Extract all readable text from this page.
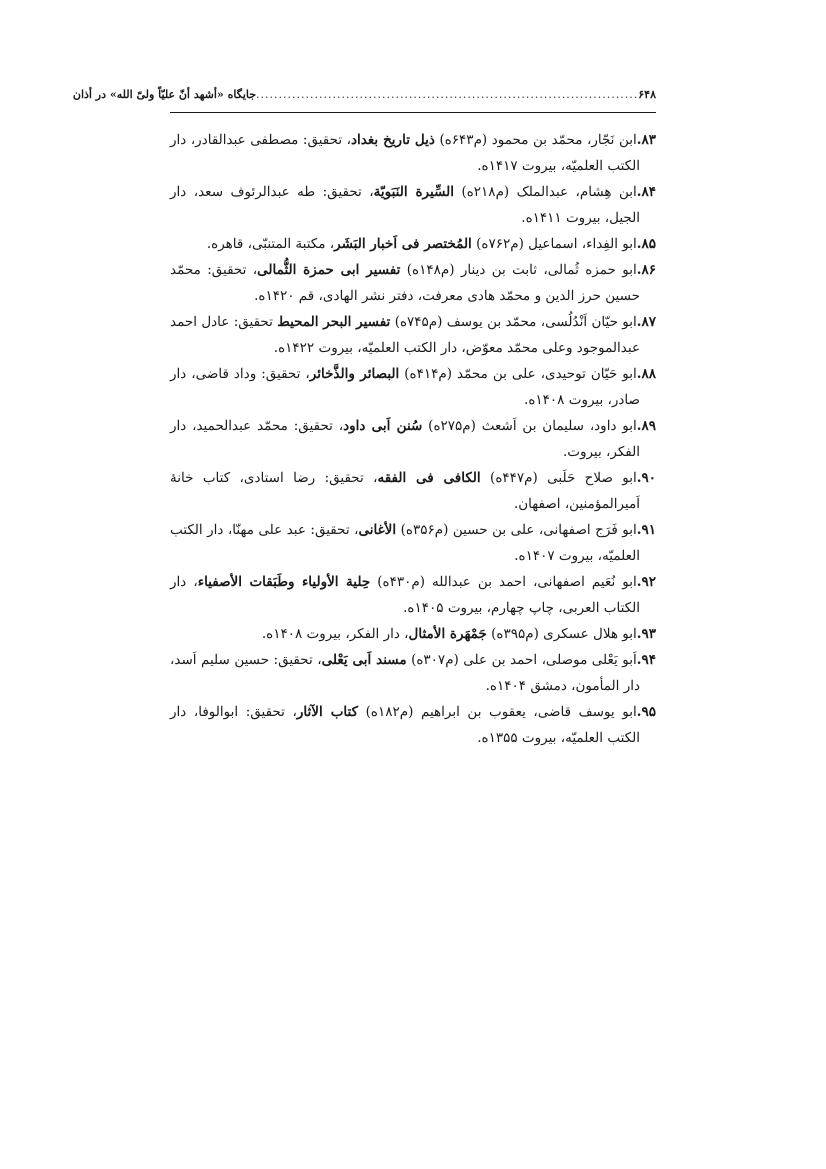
۶۴۸
.....................................................................................
جایگاه «أشهد أنّ علیّاً ولیّ الله» در أذان
۸۳.ابن نَجّار، محمّد بن محمود (م۶۴۳ه) ذیل تاریخ بغداد، تحقیق: مصطفی عبدالقادر، دار الکتب العلمیّه، بیروت ۱۴۱۷ه.
۸۴.ابن هِشام، عبدالملک (م۲۱۸ه) السِّیرة النَبَویّة، تحقیق: طه عبدالرئوف سعد، دار الجیل، بیروت ۱۴۱۱ه.
۸۵.ابو الفِداء، اسماعیل (م۷۶۲ه) المُختصر فی اَخبار البَشَر، مکتبة المتنبّی، قاهره.
۸۶.ابو حمزه ثُمالی، ثابت بن دینار (م۱۴۸ه) تفسیر ابی حمزة الثُّمالی، تحقیق: محمّد حسین حرز الدین و محمّد هادی معرفت، دفتر نشر الهادی، قم ۱۴۲۰ه.
۸۷.ابو حیّان اَنْدُلُسی، محمّد بن یوسف (م۷۴۵ه) تفسیر البحر المحیط تحقیق: عادل احمد عبدالموجود وعلی محمّد معوّض، دار الکتب العلمیّه، بیروت ۱۴۲۲ه.
۸۸.ابو حَیّان توحیدی، علی بن محمّد (م۴۱۴ه) البصائر والذَّخائر، تحقیق: وداد قاضی، دار صادر، بیروت ۱۴۰۸ه.
۸۹.ابو داود، سلیمان بن اَشعث (م۲۷۵ه) سُنن اَبی داود، تحقیق: محمّد عبدالحمید، دار الفکر، بیروت.
۹۰.ابو صلاح حَلَبی (م۴۴۷ه) الکافی فی الفقه، تحقیق: رضا استادی، کتاب خانهٔ اَمیرالمؤمنین، اصفهان.
۹۱.ابو فَرَج اصفهانی، علی بن حسین (م۳۵۶ه) الأغانی، تحقیق: عبد علی مهنّا، دار الکتب العلمیّه، بیروت ۱۴۰۷ه.
۹۲.ابو نُعَیم اصفهانی، احمد بن عبدالله (م۴۳۰ه) حِلیة الأولیاء وطَبَقات الأصفیاء، دار الکتاب العربی، چاپ چهارم، بیروت ۱۴۰۵ه.
۹۳.ابو هلال عسکری (م۳۹۵ه) جَمْهَرة الأمثال، دار الفکر، بیروت ۱۴۰۸ه.
۹۴.اَبو یَعْلی موصلی، احمد بن علی (م۳۰۷ه) مسند اَبی یَعْلی، تحقیق: حسین سلیم اَسد، دار المأمون، دمشق ۱۴۰۴ه.
۹۵.ابو یوسف قاضی، یعقوب بن ابراهیم (م۱۸۲ه) کتاب الآثار، تحقیق: ابوالوفا، دار الکتب العلمیّه، بیروت ۱۳۵۵ه.
